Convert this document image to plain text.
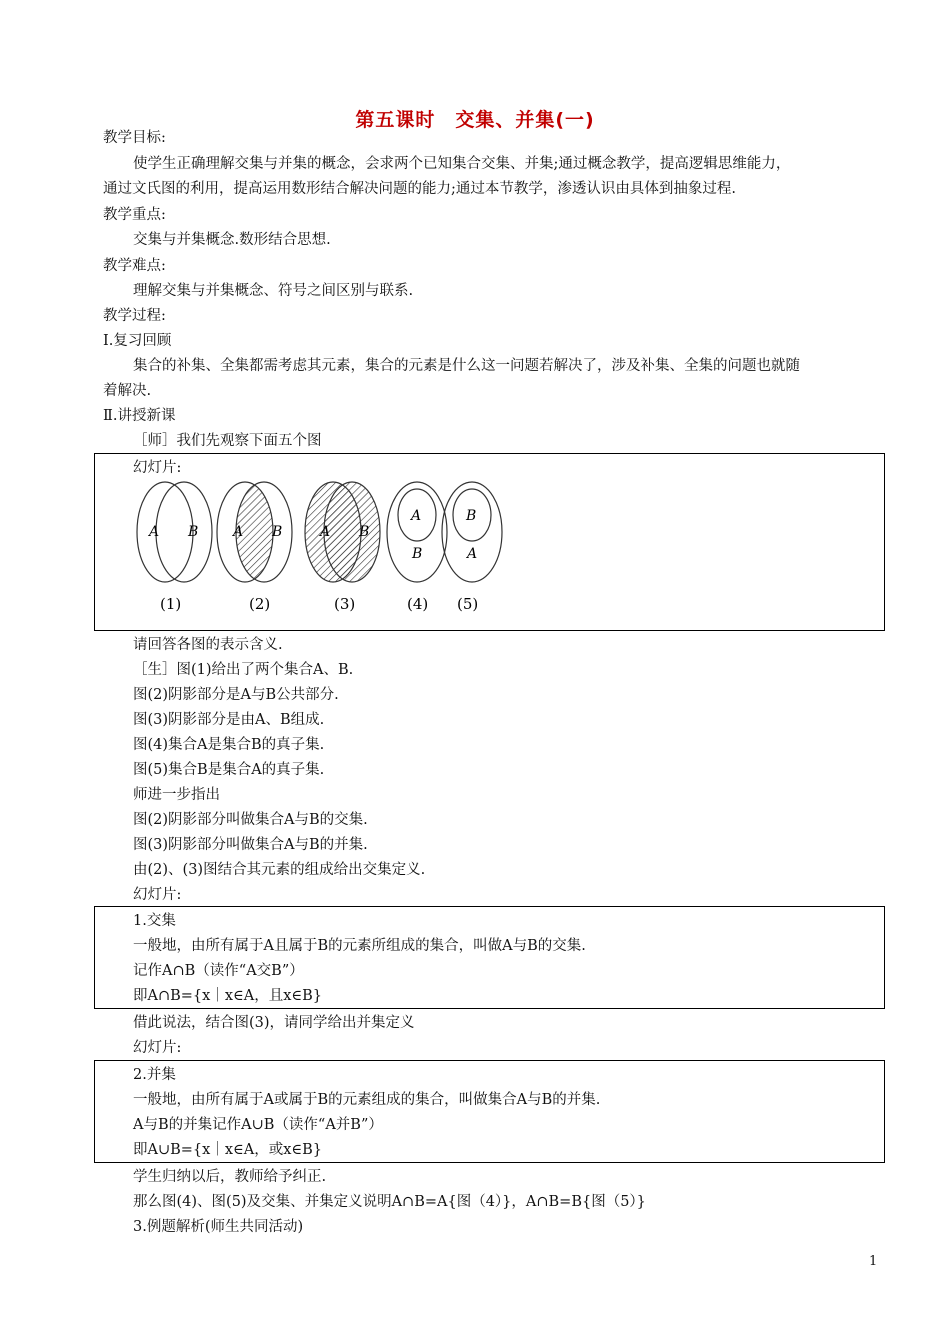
第五课时　交集、并集(一)
教学目标:
使学生正确理解交集与并集的概念，会求两个已知集合交集、并集;通过概念教学，提高逻辑思维能力，
通过文氏图的利用，提高运用数形结合解决问题的能力;通过本节教学，渗透认识由具体到抽象过程.
教学重点:
交集与并集概念.数形结合思想.
教学难点:
理解交集与并集概念、符号之间区别与联系.
教学过程:
Ⅰ.复习回顾
集合的补集、全集都需考虑其元素，集合的元素是什么这一问题若解决了，涉及补集、全集的问题也就随
着解决.
Ⅱ.讲授新课
［师］我们先观察下面五个图
幻灯片:
A B A B	A B
A
B
B
A
(1)	(2)	(3)	(4) (5)
请回答各图的表示含义.
［生］图(1)给出了两个集合A、B.
图(2)阴影部分是A与B公共部分.
图(3)阴影部分是由A、B组成.
图(4)集合A是集合B的真子集.
图(5)集合B是集合A的真子集.
师进一步指出
图(2)阴影部分叫做集合A与B的交集.
图(3)阴影部分叫做集合A与B的并集.
由(2)、(3)图结合其元素的组成给出交集定义.
幻灯片:
1.交集
一般地，由所有属于A且属于B的元素所组成的集合，叫做A与B的交集.
记作A∩B（读作“A交B”）
即A∩B={x｜x∈A，且x∈B}
借此说法，结合图(3)，请同学给出并集定义
幻灯片:
2.并集
一般地，由所有属于A或属于B的元素组成的集合，叫做集合A与B的并集.
A与B的并集记作A∪B（读作“A并B”）
即A∪B={x｜x∈A，或x∈B}
学生归纳以后，教师给予纠正.
那么图(4)、图(5)及交集、并集定义说明A∩B=A{图（4）}，A∩B=B{图（5）}
3.例题解析(师生共同活动)
1
